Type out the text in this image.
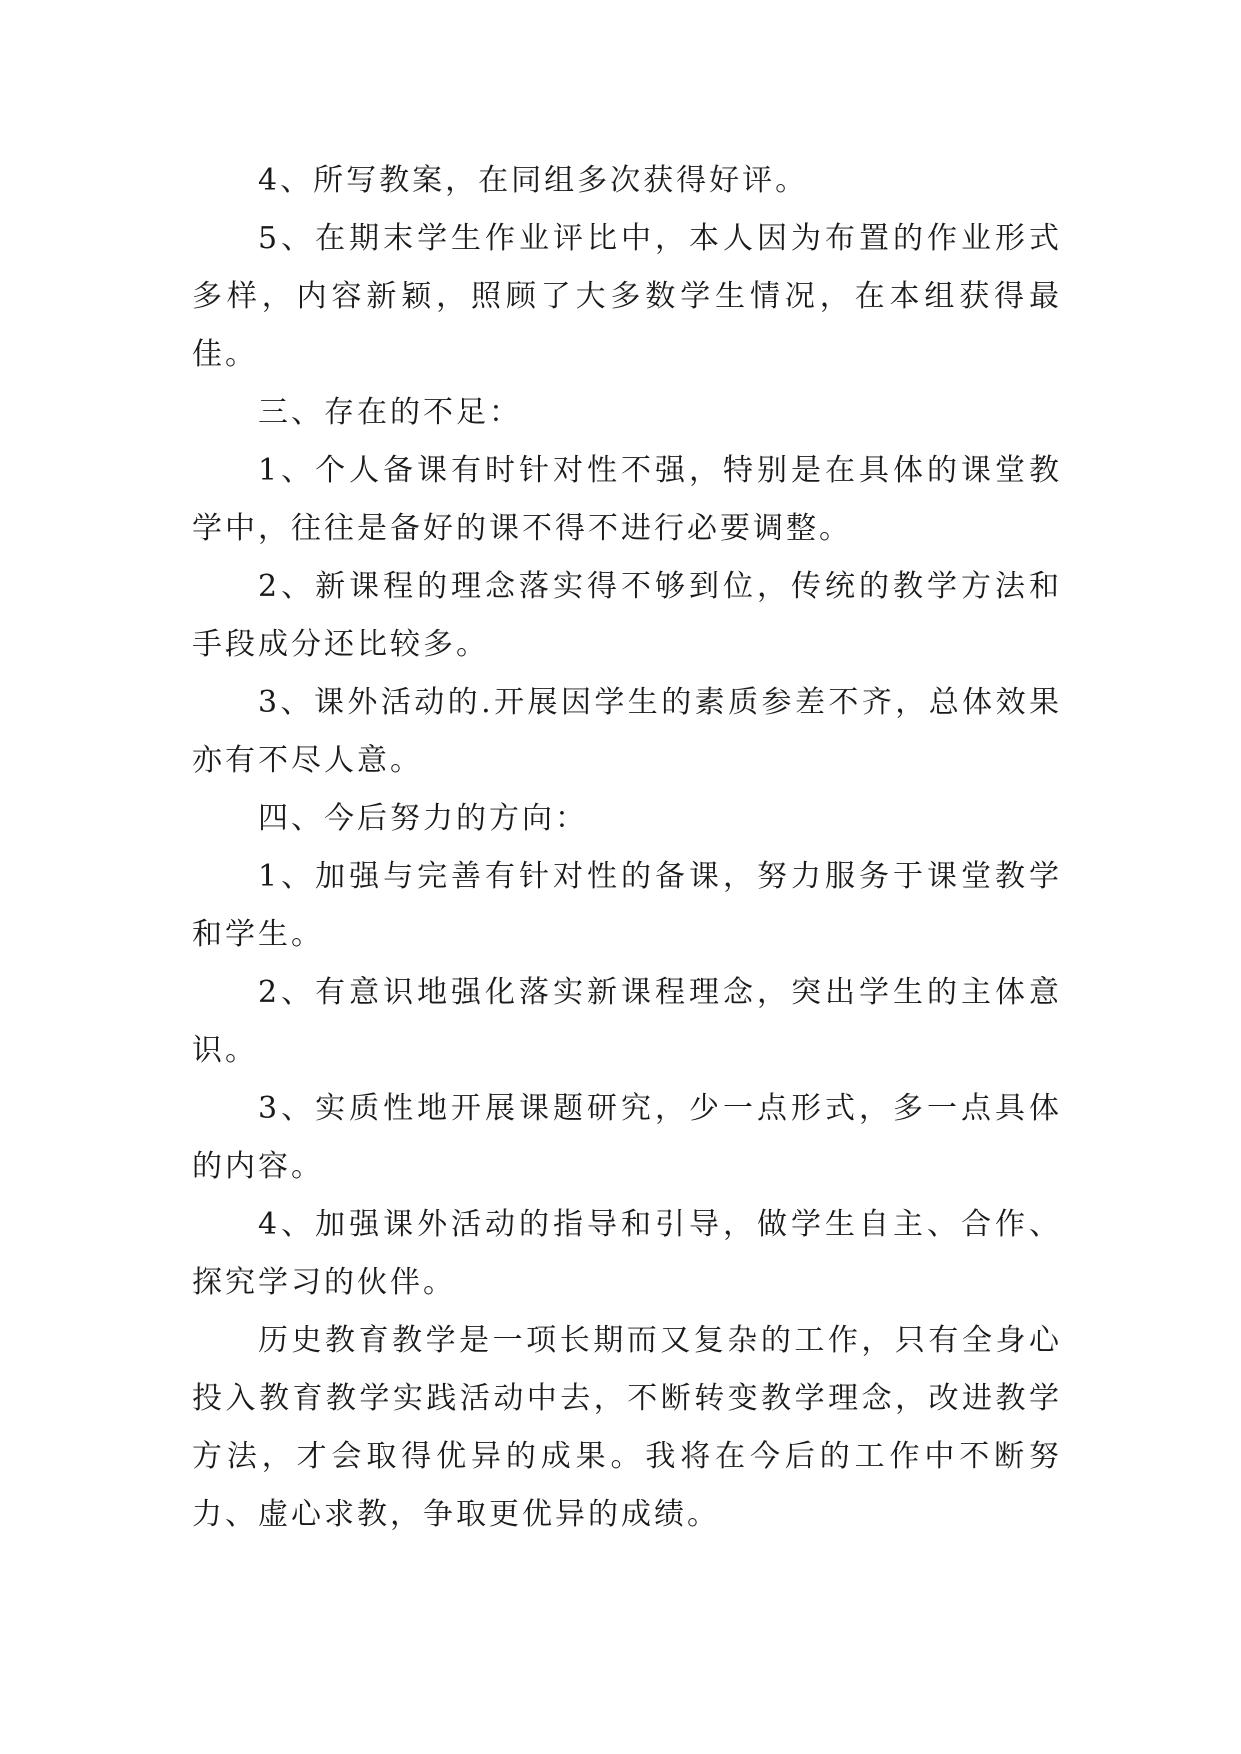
4、所写教案，在同组多次获得好评。

5、在期末学生作业评比中，本人因为布置的作业形式多样，内容新颖，照顾了大多数学生情况，在本组获得最佳。

三、存在的不足：

1、个人备课有时针对性不强，特别是在具体的课堂教学中，往往是备好的课不得不进行必要调整。

2、新课程的理念落实得不够到位，传统的教学方法和手段成分还比较多。

3、课外活动的.开展因学生的素质参差不齐，总体效果亦有不尽人意。

四、今后努力的方向：

1、加强与完善有针对性的备课，努力服务于课堂教学和学生。

2、有意识地强化落实新课程理念，突出学生的主体意识。

3、实质性地开展课题研究，少一点形式，多一点具体的内容。

4、加强课外活动的指导和引导，做学生自主、合作、探究学习的伙伴。

历史教育教学是一项长期而又复杂的工作，只有全身心投入教育教学实践活动中去，不断转变教学理念，改进教学方法，才会取得优异的成果。我将在今后的工作中不断努力、虚心求教，争取更优异的成绩。
